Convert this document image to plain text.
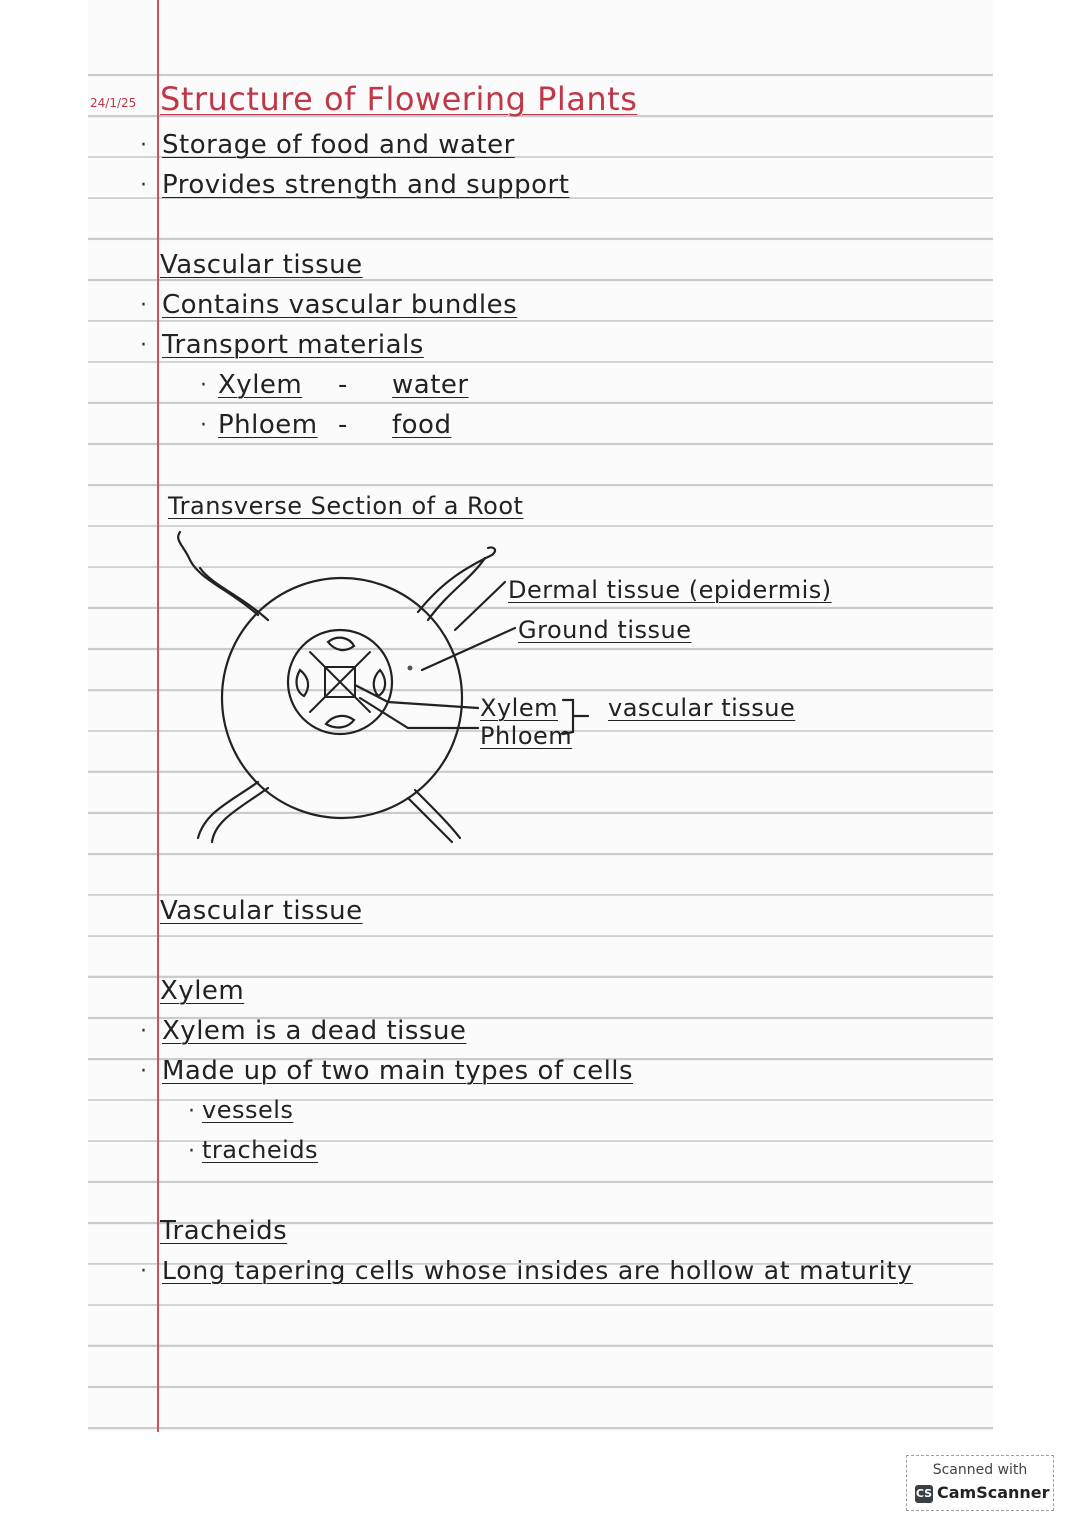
24/1/25 Structure of Flowering Plants
· Storage of food and water
· Provides strength and support
Vascular tissue
· Contains vascular bundles
· Transport materials
· Xylem - water
· Phloem - food
Transverse Section of a Root
Dermal tissue (epidermis)
Ground tissue
Xylem
Phloem
vascular tissue
Vascular tissue
Xylem
· Xylem is a dead tissue
· Made up of two main types of cells
· vessels
· tracheids
Tracheids
· Long tapering cells whose insides are hollow at maturity
Scanned with
CS CamScanner
